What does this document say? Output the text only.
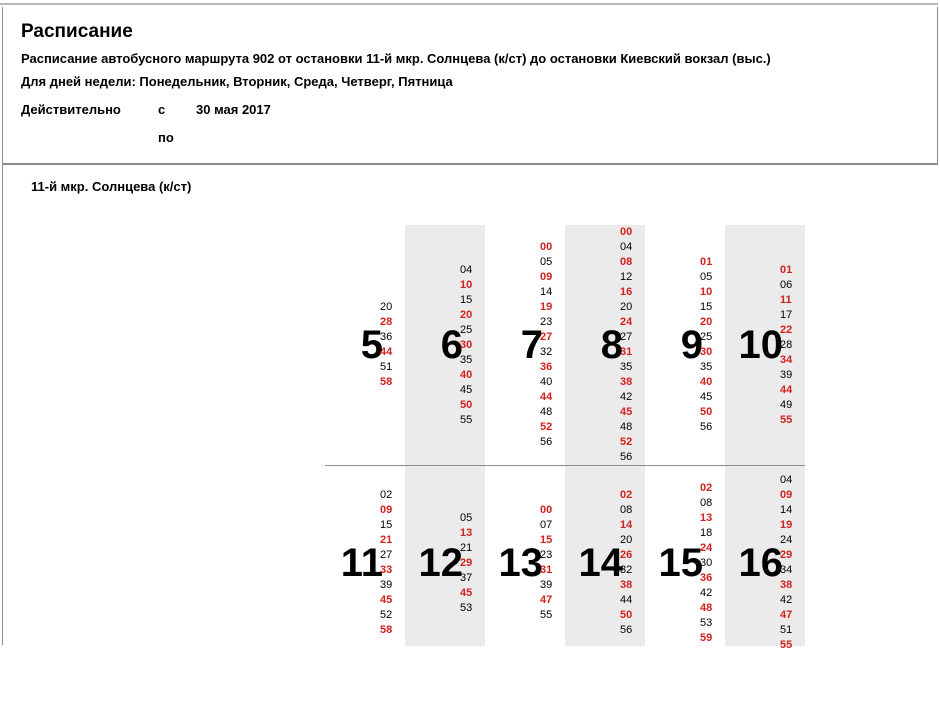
Расписание
Расписание автобусного маршрута 902 от остановки 11-й мкр. Солнцева (к/ст) до остановки Киевский вокзал (выс.)
Для дней недели: Понедельник, Вторник, Среда, Четверг, Пятница
Действительно	с 30 мая 2017
по
11-й мкр. Солнцева (к/ст)
5
20
28
36
44
51
58
6
04
10
15
20
25
30
35
40
45
50
55
7
00
05
09
14
19
23
27
32
36
40
44
48
52
56
8
00
04
08
12
16
20
24
27
31
35
38
42
45
48
52
56
9
01
05
10
15
20
25
30
35
40
45
50
56
10
01
06
11
17
22
28
34
39
44
49
55
11
02
09
15
21
27
33
39
45
52
58
12
05
13
21
29
37
45
53
13
00
07
15
23
31
39
47
55
14
02
08
14
20
26
32
38
44
50
56
15
02
08
13
18
24
30
36
42
48
53
59
16
04
09
14
19
24
29
34
38
42
47
51
55
